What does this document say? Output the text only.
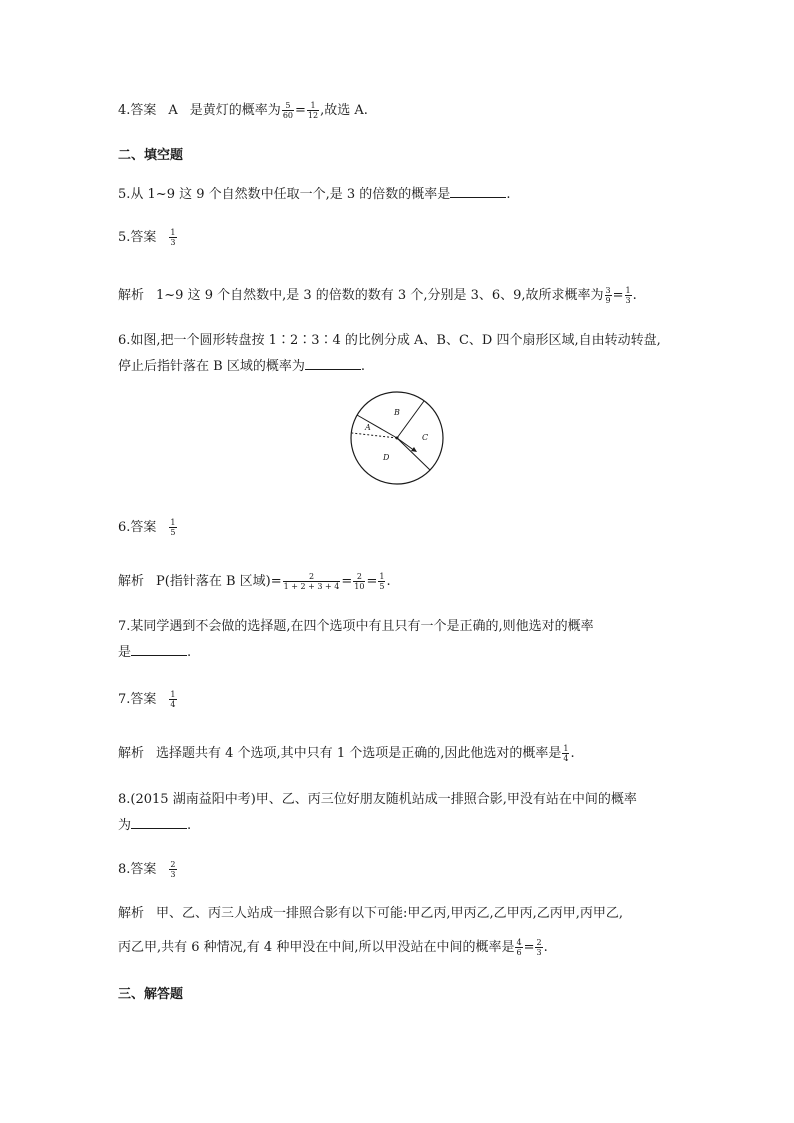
4.答案 A 是黄灯的概率为 $\frac{5}{60} = \frac{1}{12}$ ,故选 A.
二、填空题
5.从 1~9 这 9 个自然数中任取一个,是 3 的倍数的概率是	.
5.答案 $\frac{1}{3}$
解析 1~9 这 9 个自然数中,是 3 的倍数的数有 3 个,分别是 3、6、9,故所求概率为 $\frac{3}{9} = \frac{1}{3}$ .
6.如图,把一个圆形转盘按 1∶2∶3∶4 的比例分成 A、B、C、D 四个扇形区域,自由转动转盘,
停止后指针落在 B 区域的概率为	.
A
B
C
D
6.答案 $\frac{1}{5}$
解析 P(指针落在 B 区域)= $\frac{2}{1 + 2 + 3 + 4} = \frac{2}{10} = \frac{1}{5}$ .
7.某同学遇到不会做的选择题,在四个选项中有且只有一个是正确的,则他选对的概率
是	.
7.答案 $\frac{1}{4}$
解析 选择题共有 4 个选项,其中只有 1 个选项是正确的,因此他选对的概率是 $\frac{1}{4}$ .
8.(2015 湖南益阳中考)甲、乙、丙三位好朋友随机站成一排照合影,甲没有站在中间的概率
为	.
8.答案 $\frac{2}{3}$
解析 甲、乙、丙三人站成一排照合影有以下可能:甲乙丙,甲丙乙,乙甲丙,乙丙甲,丙甲乙,
丙乙甲,共有 6 种情况,有 4 种甲没在中间,所以甲没站在中间的概率是 $\frac{4}{6} = \frac{2}{3}$ .
三、解答题
